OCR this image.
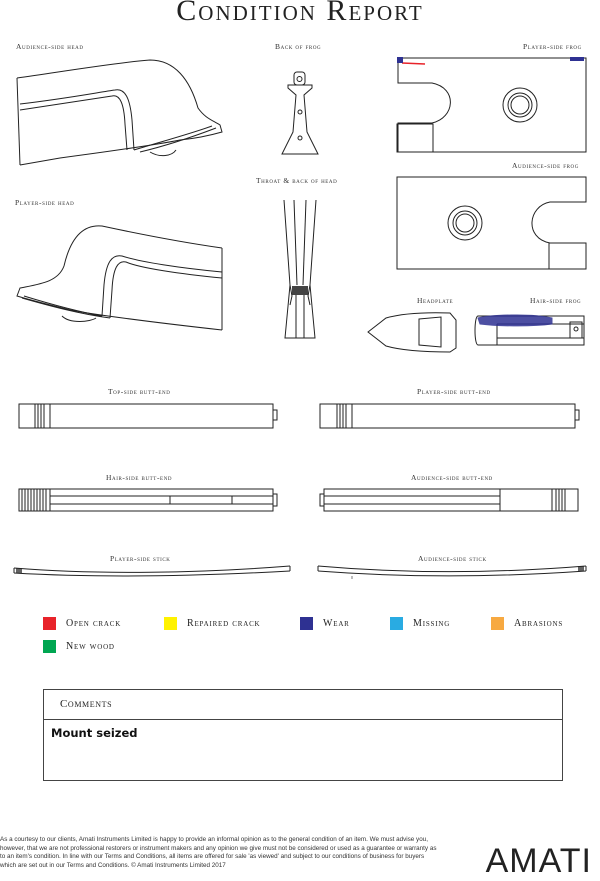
Condition Report
Audience-side head	Back of frog	Player-side frog
Audience-side frog
Throat & back of head
Player-side head
Headplate	Hair-side frog
Top-side butt-end	Player-side butt-end
Hair-side butt-end	Audience-side butt-end
Player-side stick	Audience-side stick
Open crack	Repaired crack	Wear	Missing	Abrasions
New wood
Comments
Mount seized
As a courtesy to our clients, Amati Instruments Limited is happy to provide an informal opinion as to the general condition of an item. We must advise you, however, that we are not professional restorers or instrument makers and any opinion we give must not be considered or used as a guarantee or warranty as to an item's condition. In line with our Terms and Conditions, all items are offered for sale 'as viewed' and subject to our conditions of business for buyers which are set out in our Terms and Conditions. © Amati Instruments Limited 2017	AMATI
